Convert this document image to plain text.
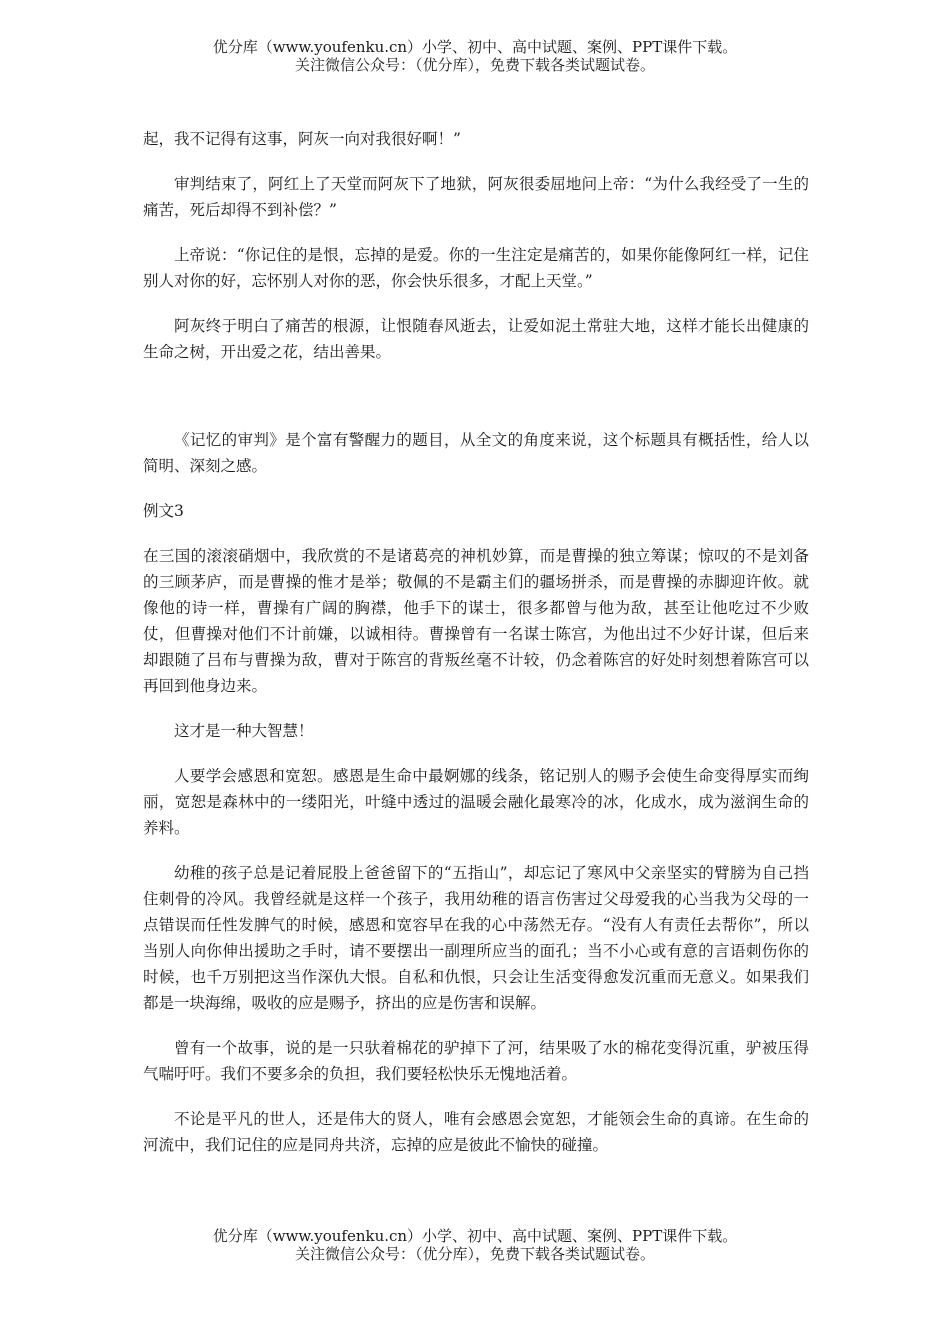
优分库（www.youfenku.cn）小学、初中、高中试题、案例、PPT课件下载。
关注微信公众号：（优分库），免费下载各类试题试卷。

起，我不记得有这事，阿灰一向对我很好啊！”

审判结束了，阿红上了天堂而阿灰下了地狱，阿灰很委屈地问上帝：“为什么我经受了一生的痛苦，死后却得不到补偿？”

上帝说：“你记住的是恨，忘掉的是爱。你的一生注定是痛苦的，如果你能像阿红一样，记住别人对你的好，忘怀别人对你的恶，你会快乐很多，才配上天堂。”

阿灰终于明白了痛苦的根源，让恨随春风逝去，让爱如泥土常驻大地，这样才能长出健康的生命之树，开出爱之花，结出善果。

《记忆的审判》是个富有警醒力的题目，从全文的角度来说，这个标题具有概括性，给人以简明、深刻之感。

例文3

在三国的滚滚硝烟中，我欣赏的不是诸葛亮的神机妙算，而是曹操的独立筹谋；惊叹的不是刘备的三顾茅庐，而是曹操的惟才是举；敬佩的不是霸主们的疆场拼杀，而是曹操的赤脚迎许攸。就像他的诗一样，曹操有广阔的胸襟，他手下的谋士，很多都曾与他为敌，甚至让他吃过不少败仗，但曹操对他们不计前嫌，以诚相待。曹操曾有一名谋士陈宫，为他出过不少好计谋，但后来却跟随了吕布与曹操为敌，曹对于陈宫的背叛丝毫不计较，仍念着陈宫的好处时刻想着陈宫可以再回到他身边来。

这才是一种大智慧！

人要学会感恩和宽恕。感恩是生命中最婀娜的线条，铭记别人的赐予会使生命变得厚实而绚丽，宽恕是森林中的一缕阳光，叶缝中透过的温暖会融化最寒冷的冰，化成水，成为滋润生命的养料。

幼稚的孩子总是记着屁股上爸爸留下的“五指山”，却忘记了寒风中父亲坚实的臂膀为自己挡住刺骨的冷风。我曾经就是这样一个孩子，我用幼稚的语言伤害过父母爱我的心当我为父母的一点错误而任性发脾气的时候，感恩和宽容早在我的心中荡然无存。“没有人有责任去帮你”，所以当别人向你伸出援助之手时，请不要摆出一副理所应当的面孔；当不小心或有意的言语刺伤你的时候，也千万别把这当作深仇大恨。自私和仇恨，只会让生活变得愈发沉重而无意义。如果我们都是一块海绵，吸收的应是赐予，挤出的应是伤害和误解。

曾有一个故事，说的是一只驮着棉花的驴掉下了河，结果吸了水的棉花变得沉重，驴被压得气喘吁吁。我们不要多余的负担，我们要轻松快乐无愧地活着。

不论是平凡的世人，还是伟大的贤人，唯有会感恩会宽恕，才能领会生命的真谛。在生命的河流中，我们记住的应是同舟共济，忘掉的应是彼此不愉快的碰撞。

优分库（www.youfenku.cn）小学、初中、高中试题、案例、PPT课件下载。
关注微信公众号：（优分库），免费下载各类试题试卷。
